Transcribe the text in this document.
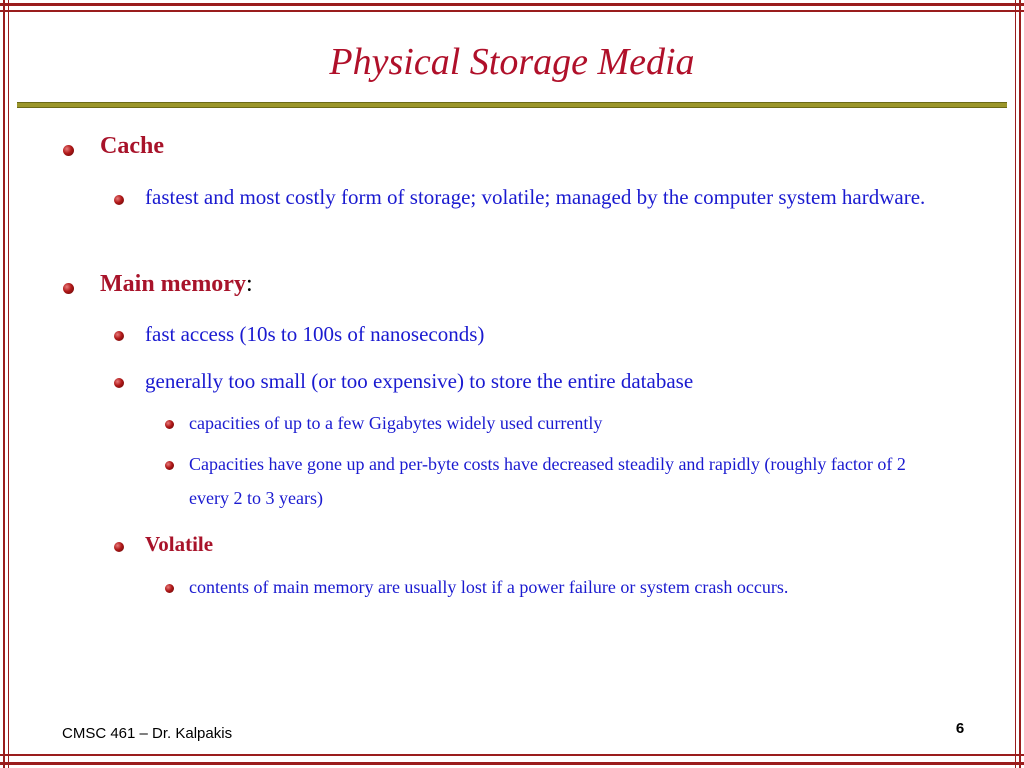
Physical Storage Media
Cache
fastest and most costly form of storage; volatile; managed by the computer system hardware.
Main memory:
fast access (10s to 100s of nanoseconds)
generally too small (or too expensive) to store the entire database
capacities of up to a few Gigabytes widely used currently
Capacities have gone up and per-byte costs have decreased steadily and rapidly (roughly factor of 2 every 2 to 3 years)
Volatile
contents of main memory are usually lost if a power failure or system crash occurs.
CMSC 461 – Dr. Kalpakis	6
